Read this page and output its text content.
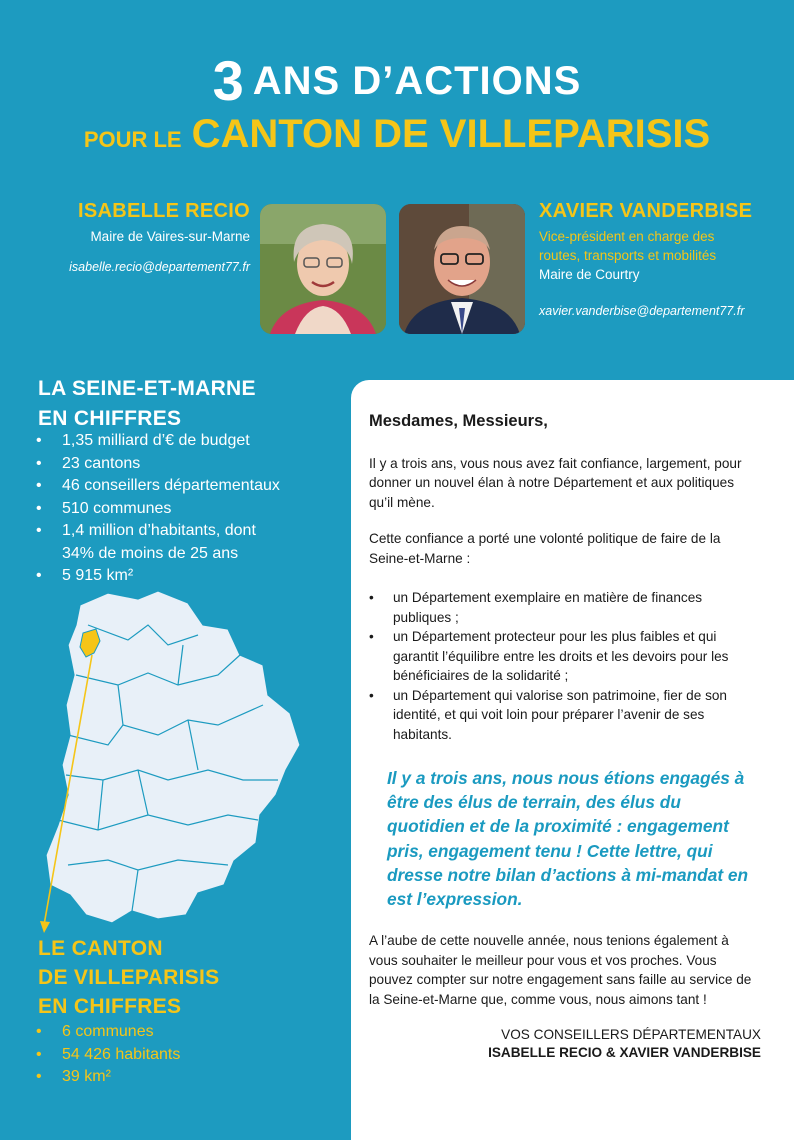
3 ANS D’ACTIONS
POUR LE CANTON DE VILLEPARISIS
ISABELLE RECIO
Maire de Vaires-sur-Marne
isabelle.recio@departement77.fr
XAVIER VANDERBISE
Vice-président en charge des
routes, transports et mobilités
Maire de Courtry
xavier.vanderbise@departement77.fr
LA SEINE-ET-MARNE
EN CHIFFRES
• 1,35 milliard d’€ de budget
• 23 cantons
• 46 conseillers départementaux
• 510 communes
• 1,4 million d’habitants, dont
34% de moins de 25 ans
• 5 915 km²
LE CANTON
DE VILLEPARISIS
EN CHIFFRES
• 6 communes
• 54 426 habitants
• 39 km²
Mesdames, Messieurs,

Il y a trois ans, vous nous avez fait confiance, largement, pour donner un nouvel élan à notre Département et aux politiques qu’il mène.

Cette confiance a porté une volonté politique de faire de la Seine-et-Marne :

• un Département exemplaire en matière de finances publiques ;
• un Département protecteur pour les plus faibles et qui garantit l’équilibre entre les droits et les devoirs pour les bénéficiaires de la solidarité ;
• un Département qui valorise son patrimoine, fier de son identité, et qui voit loin pour préparer l’avenir de ses habitants.
Il y a trois ans, nous nous étions engagés à être des élus de terrain, des élus du quotidien et de la proximité : engagement pris, engagement tenu ! Cette lettre, qui dresse notre bilan d’actions à mi-mandat en est l’expression.

A l’aube de cette nouvelle année, nous tenions également à vous souhaiter le meilleur pour vous et vos proches. Vous pouvez compter sur notre engagement sans faille au service de la Seine-et-Marne que, comme vous, nous aimons tant !

VOS CONSEILLERS DÉPARTEMENTAUX
ISABELLE RECIO & XAVIER VANDERBISE
